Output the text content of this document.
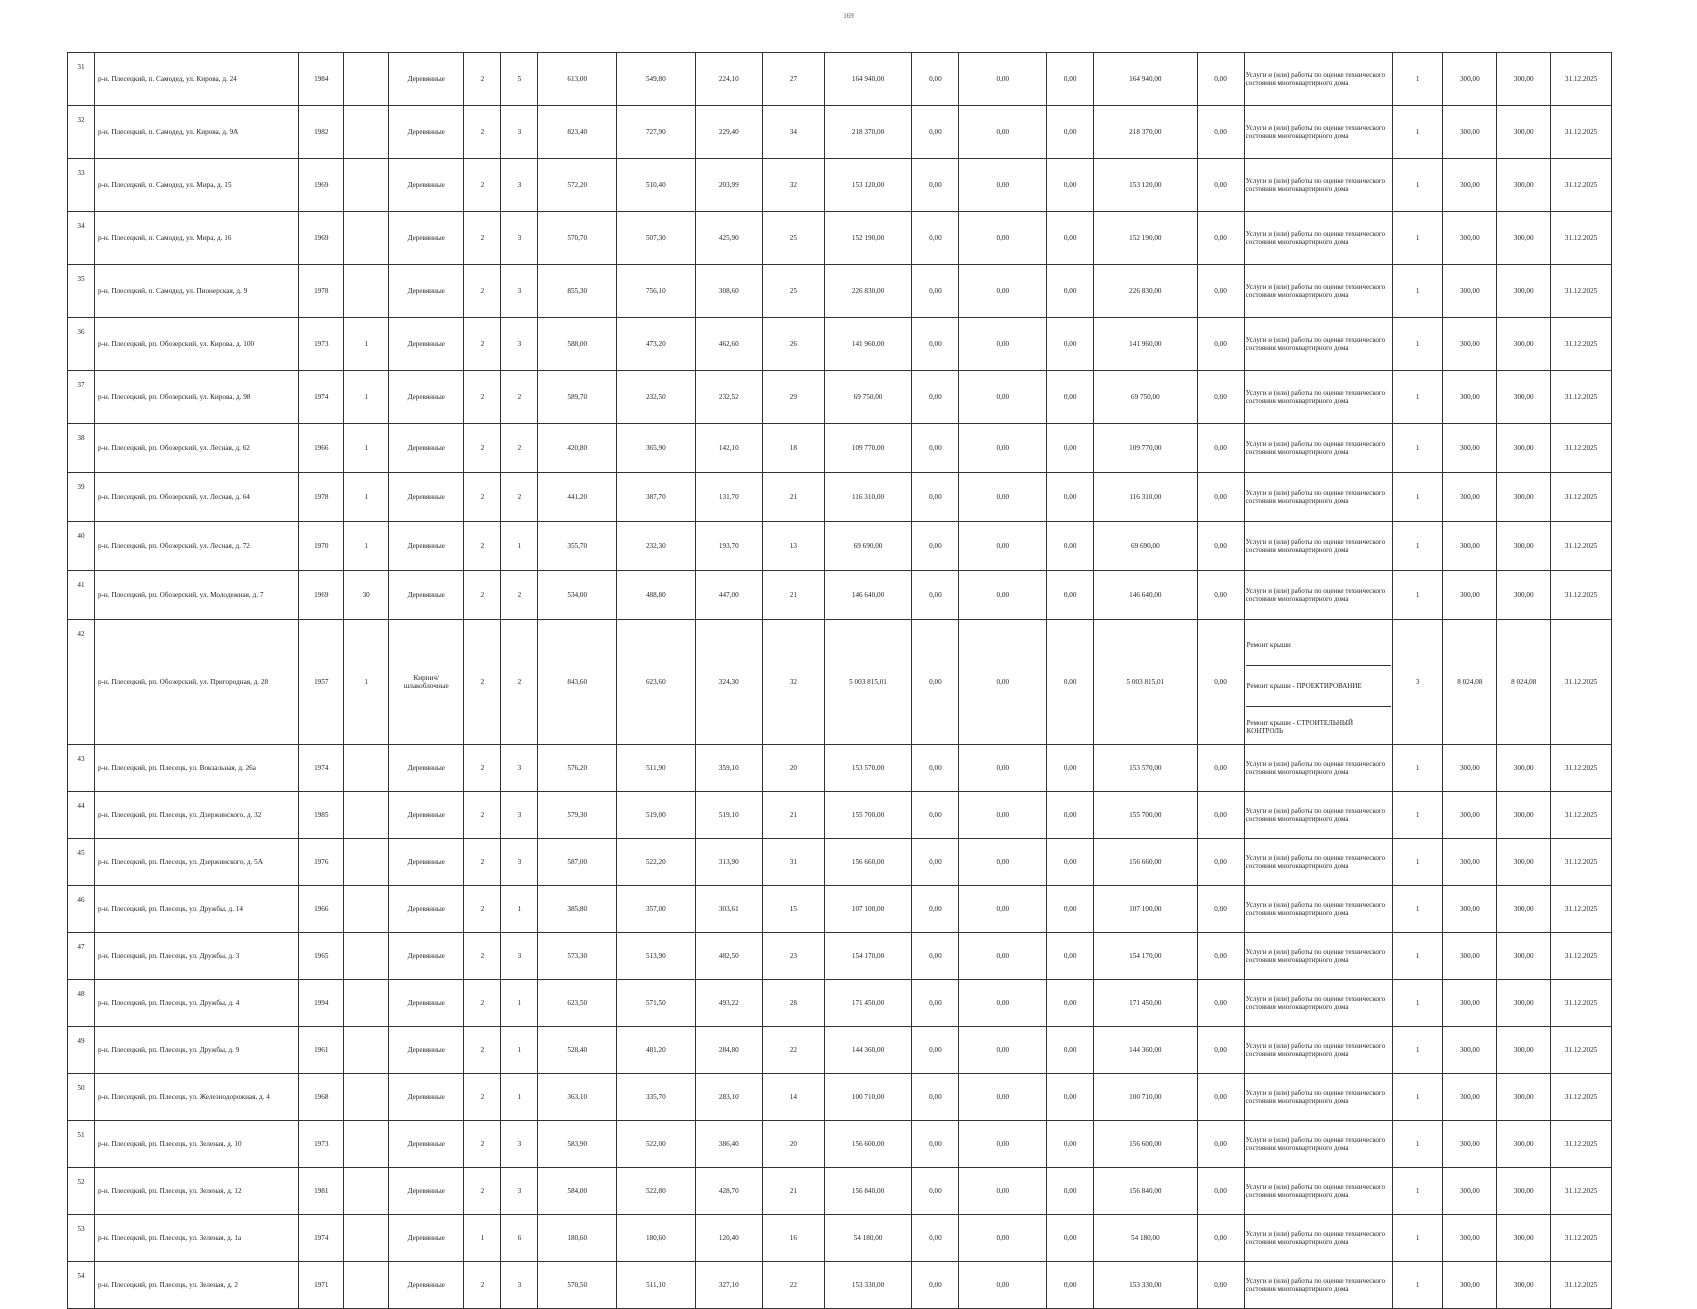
169
31	р-н. Плесецкий, п. Самодед, ул. Кирова, д. 24	1984		Деревянные	2	5	613,00	549,80	224,10	27	164 940,00	0,00	0,00	0,00	164 940,00	0,00	Услуги и (или) работы по оценке технического состояния многоквартирного дома	1	300,00	300,00	31.12.2025
32	р-н. Плесецкий, п. Самодед, ул. Кирова, д. 9А	1982		Деревянные	2	3	823,40	727,90	229,40	34	218 370,00	0,00	0,00	0,00	218 370,00	0,00	Услуги и (или) работы по оценке технического состояния многоквартирного дома	1	300,00	300,00	31.12.2025
33	р-н. Плесецкий, п. Самодед, ул. Мира, д. 15	1969		Деревянные	2	3	572,20	510,40	203,99	32	153 120,00	0,00	0,00	0,00	153 120,00	0,00	Услуги и (или) работы по оценке технического состояния многоквартирного дома	1	300,00	300,00	31.12.2025
34	р-н. Плесецкий, п. Самодед, ул. Мира, д. 16	1969		Деревянные	2	3	570,70	507,30	425,90	25	152 190,00	0,00	0,00	0,00	152 190,00	0,00	Услуги и (или) работы по оценке технического состояния многоквартирного дома	1	300,00	300,00	31.12.2025
35	р-н. Плесецкий, п. Самодед, ул. Пионерская, д. 9	1978		Деревянные	2	3	855,30	756,10	308,60	25	226 830,00	0,00	0,00	0,00	226 830,00	0,00	Услуги и (или) работы по оценке технического состояния многоквартирного дома	1	300,00	300,00	31.12.2025
36	р-н. Плесецкий, рп. Обозерский, ул. Кирова, д. 100	1973	1	Деревянные	2	3	588,00	473,20	462,60	26	141 960,00	0,00	0,00	0,00	141 960,00	0,00	Услуги и (или) работы по оценке технического состояния многоквартирного дома	1	300,00	300,00	31.12.2025
37	р-н. Плесецкий, рп. Обозерский, ул. Кирова, д. 98	1974	1	Деревянные	2	2	589,70	232,50	232,52	29	69 750,00	0,00	0,00	0,00	69 750,00	0,00	Услуги и (или) работы по оценке технического состояния многоквартирного дома	1	300,00	300,00	31.12.2025
38	р-н. Плесецкий, рп. Обозерский, ул. Лесная, д. 62	1966	1	Деревянные	2	2	420,80	365,90	142,10	18	109 770,00	0,00	0,00	0,00	109 770,00	0,00	Услуги и (или) работы по оценке технического состояния многоквартирного дома	1	300,00	300,00	31.12.2025
39	р-н. Плесецкий, рп. Обозерский, ул. Лесная, д. 64	1978	1	Деревянные	2	2	441,20	387,70	131,70	21	116 310,00	0,00	0,00	0,00	116 310,00	0,00	Услуги и (или) работы по оценке технического состояния многоквартирного дома	1	300,00	300,00	31.12.2025
40	р-н. Плесецкий, рп. Обозерский, ул. Лесная, д. 72	1970	1	Деревянные	2	1	355,70	232,30	193,70	13	69 690,00	0,00	0,00	0,00	69 690,00	0,00	Услуги и (или) работы по оценке технического состояния многоквартирного дома	1	300,00	300,00	31.12.2025
41	р-н. Плесецкий, рп. Обозерский, ул. Молодежная, д. 7	1969	30	Деревянные	2	2	534,00	488,80	447,00	21	146 640,00	0,00	0,00	0,00	146 640,00	0,00	Услуги и (или) работы по оценке технического состояния многоквартирного дома	1	300,00	300,00	31.12.2025
42	р-н. Плесецкий, рп. Обозерский, ул. Пригородная, д. 28	1957	1	Кирпич/шлакоблочные	2	2	843,60	623,60	324,30	32	5 003 815,01	0,00	0,00	0,00	5 003 815,01	0,00	Ремонт крыши
Ремонт крыши - ПРОЕКТИРОВАНИЕ
Ремонт крыши - СТРОИТЕЛЬНЫЙ КОНТРОЛЬ	3	8 024,08	8 024,08	31.12.2025
43	р-н. Плесецкий, рп. Плесецк, ул. Вокзальная, д. 26а	1974		Деревянные	2	3	576,20	511,90	359,10	20	153 570,00	0,00	0,00	0,00	153 570,00	0,00	Услуги и (или) работы по оценке технического состояния многоквартирного дома	1	300,00	300,00	31.12.2025
44	р-н. Плесецкий, рп. Плесецк, ул. Дзержинского, д. 32	1985		Деревянные	2	3	579,30	519,00	519,10	21	155 700,00	0,00	0,00	0,00	155 700,00	0,00	Услуги и (или) работы по оценке технического состояния многоквартирного дома	1	300,00	300,00	31.12.2025
45	р-н. Плесецкий, рп. Плесецк, ул. Дзержинского, д. 5А	1976		Деревянные	2	3	587,00	522,20	313,90	31	156 660,00	0,00	0,00	0,00	156 660,00	0,00	Услуги и (или) работы по оценке технического состояния многоквартирного дома	1	300,00	300,00	31.12.2025
46	р-н. Плесецкий, рп. Плесецк, ул. Дружбы, д. 14	1966		Деревянные	2	1	385,80	357,00	303,61	15	107 100,00	0,00	0,00	0,00	107 100,00	0,00	Услуги и (или) работы по оценке технического состояния многоквартирного дома	1	300,00	300,00	31.12.2025
47	р-н. Плесецкий, рп. Плесецк, ул. Дружбы, д. 3	1965		Деревянные	2	3	573,30	513,90	482,50	23	154 170,00	0,00	0,00	0,00	154 170,00	0,00	Услуги и (или) работы по оценке технического состояния многоквартирного дома	1	300,00	300,00	31.12.2025
48	р-н. Плесецкий, рп. Плесецк, ул. Дружбы, д. 4	1994		Деревянные	2	1	623,50	571,50	493,22	28	171 450,00	0,00	0,00	0,00	171 450,00	0,00	Услуги и (или) работы по оценке технического состояния многоквартирного дома	1	300,00	300,00	31.12.2025
49	р-н. Плесецкий, рп. Плесецк, ул. Дружбы, д. 9	1961		Деревянные	2	1	528,40	481,20	284,80	22	144 360,00	0,00	0,00	0,00	144 360,00	0,00	Услуги и (или) работы по оценке технического состояния многоквартирного дома	1	300,00	300,00	31.12.2025
50	р-н. Плесецкий, рп. Плесецк, ул. Железнодорожная, д. 4	1968		Деревянные	2	1	363,10	335,70	283,10	14	100 710,00	0,00	0,00	0,00	100 710,00	0,00	Услуги и (или) работы по оценке технического состояния многоквартирного дома	1	300,00	300,00	31.12.2025
51	р-н. Плесецкий, рп. Плесецк, ул. Зеленая, д. 10	1973		Деревянные	2	3	583,90	522,00	386,40	20	156 600,00	0,00	0,00	0,00	156 600,00	0,00	Услуги и (или) работы по оценке технического состояния многоквартирного дома	1	300,00	300,00	31.12.2025
52	р-н. Плесецкий, рп. Плесецк, ул. Зеленая, д. 12	1981		Деревянные	2	3	584,00	522,80	428,70	21	156 840,00	0,00	0,00	0,00	156 840,00	0,00	Услуги и (или) работы по оценке технического состояния многоквартирного дома	1	300,00	300,00	31.12.2025
53	р-н. Плесецкий, рп. Плесецк, ул. Зеленая, д. 1а	1974		Деревянные	1	6	180,60	180,60	120,40	16	54 180,00	0,00	0,00	0,00	54 180,00	0,00	Услуги и (или) работы по оценке технического состояния многоквартирного дома	1	300,00	300,00	31.12.2025
54	р-н. Плесецкий, рп. Плесецк, ул. Зеленая, д. 2	1971		Деревянные	2	3	570,50	511,10	327,10	22	153 330,00	0,00	0,00	0,00	153 330,00	0,00	Услуги и (или) работы по оценке технического состояния многоквартирного дома	1	300,00	300,00	31.12.2025
